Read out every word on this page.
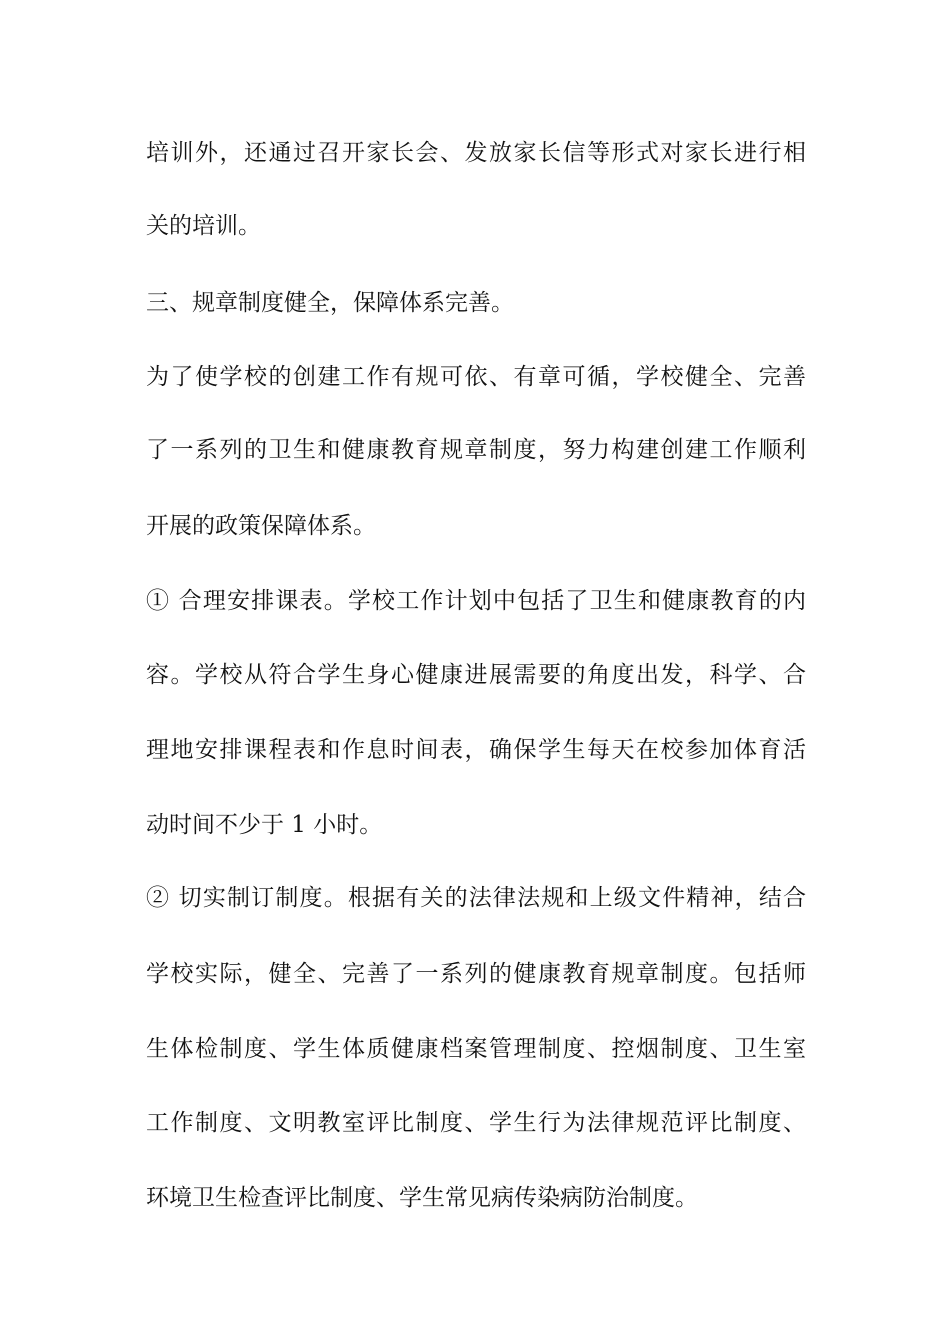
培训外，还通过召开家长会、发放家长信等形式对家长进行相
关的培训。
三、规章制度健全，保障体系完善。
为了使学校的创建工作有规可依、有章可循，学校健全、完善
了一系列的卫生和健康教育规章制度，努力构建创建工作顺利
开展的政策保障体系。
① 合理安排课表。学校工作计划中包括了卫生和健康教育的内
容。学校从符合学生身心健康进展需要的角度出发，科学、合
理地安排课程表和作息时间表，确保学生每天在校参加体育活
动时间不少于 1 小时。
② 切实制订制度。根据有关的法律法规和上级文件精神，结合
学校实际，健全、完善了一系列的健康教育规章制度。包括师
生体检制度、学生体质健康档案管理制度、控烟制度、卫生室
工作制度、文明教室评比制度、学生行为法律规范评比制度、
环境卫生检查评比制度、学生常见病传染病防治制度。
